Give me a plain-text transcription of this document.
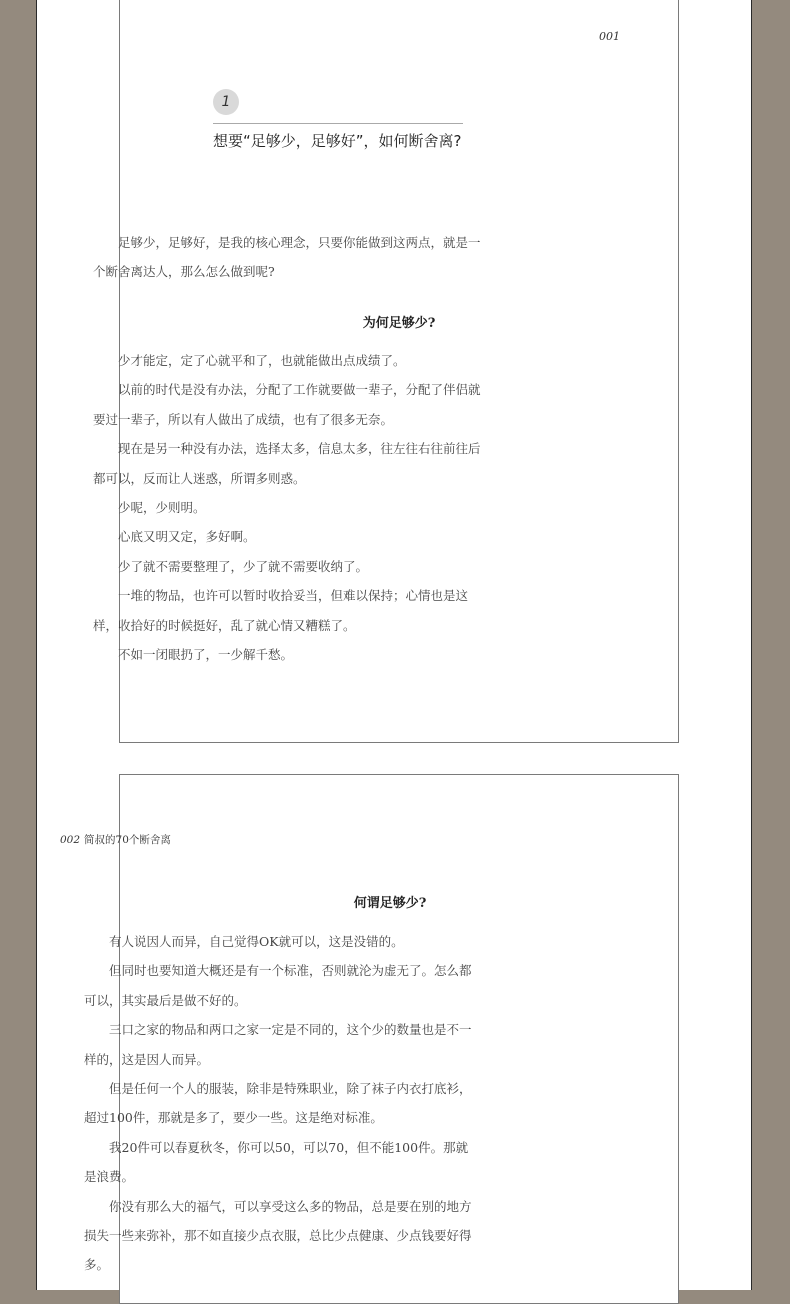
001
1
想要“足够少，足够好”，如何断舍离?

足够少，足够好，是我的核心理念，只要你能做到这两点，就是一个断舍离达人，那么怎么做到呢?

为何足够少?

少才能定，定了心就平和了，也就能做出点成绩了。

以前的时代是没有办法，分配了工作就要做一辈子，分配了伴侣就要过一辈子，所以有人做出了成绩，也有了很多无奈。

现在是另一种没有办法，选择太多，信息太多，往左往右往前往后都可以，反而让人迷惑，所谓多则惑。

少呢，少则明。

心底又明又定，多好啊。

少了就不需要整理了，少了就不需要收纳了。

一堆的物品，也许可以暂时收拾妥当，但难以保持；心情也是这样，收拾好的时候挺好，乱了就心情又糟糕了。

不如一闭眼扔了，一少解千愁。

002 简叔的70个断舍离
何谓足够少?

有人说因人而异，自己觉得OK就可以，这是没错的。

但同时也要知道大概还是有一个标准，否则就沦为虚无了。怎么都可以，其实最后是做不好的。

三口之家的物品和两口之家一定是不同的，这个少的数量也是不一样的，这是因人而异。

但是任何一个人的服装，除非是特殊职业，除了袜子内衣打底衫，超过100件，那就是多了，要少一些。这是绝对标准。

我20件可以春夏秋冬，你可以50，可以70，但不能100件。那就是浪费。

你没有那么大的福气，可以享受这么多的物品，总是要在别的地方损失一些来弥补，那不如直接少点衣服，总比少点健康、少点钱要好得多。
